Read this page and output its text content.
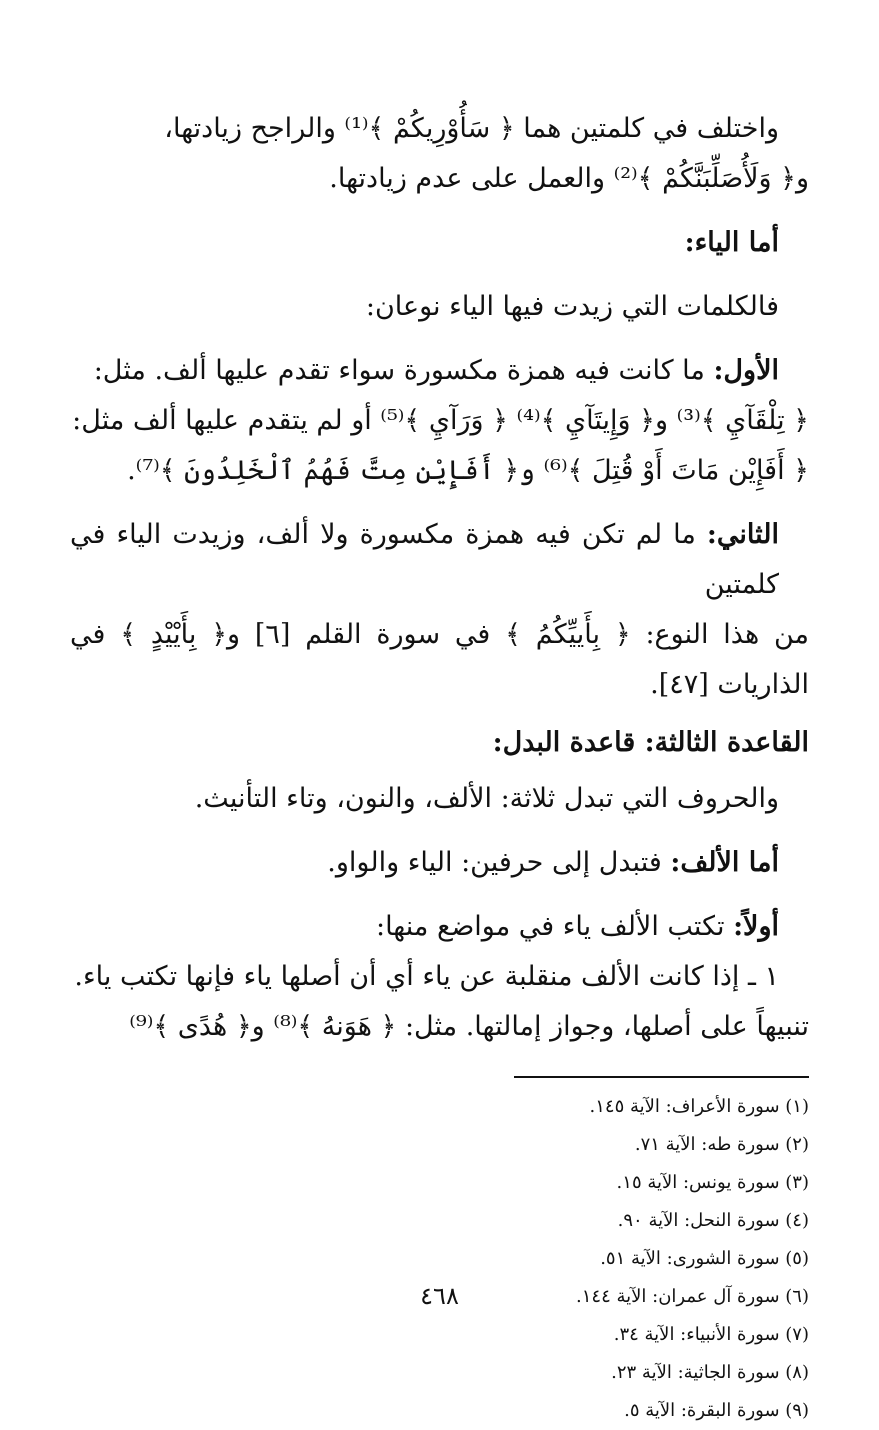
واختلف في كلمتين هما ﴿ سَأُوْرِيكُمْ ﴾⁽¹⁾ والراجح زيادتها،

و﴿ وَلَأُصَلِّبَنَّكُمْ ﴾⁽²⁾ والعمل على عدم زيادتها.

أما الياء:

فالكلمات التي زيدت فيها الياء نوعان:

الأول: ما كانت فيه همزة مكسورة سواء تقدم عليها ألف. مثل:

﴿ تِلْقَآيِ ﴾⁽³⁾ و﴿ وَإِيتَآيِ ﴾⁽⁴⁾ ﴿ وَرَآيِ ﴾⁽⁵⁾ أو لم يتقدم عليها ألف مثل:

﴿ أَفَإِيْن مَاتَ أَوْ قُتِلَ ﴾⁽⁶⁾ و﴿ أَفَإِيْن مِتَّ فَهُمُ ٱلْخَلِدُونَ ﴾⁽⁷⁾.

الثاني: ما لم تكن فيه همزة مكسورة ولا ألف، وزيدت الياء في كلمتين

من هذا النوع: ﴿ بِأَييِّكُمُ ﴾ في سورة القلم [٦] و﴿ بِأَيْيْدٍ ﴾ في الذاريات [٤٧].

القاعدة الثالثة: قاعدة البدل:

والحروف التي تبدل ثلاثة: الألف، والنون، وتاء التأنيث.

أما الألف: فتبدل إلى حرفين: الياء والواو.

أولاً: تكتب الألف ياء في مواضع منها:

١ ـ إذا كانت الألف منقلبة عن ياء أي أن أصلها ياء فإنها تكتب ياء.

تنبيهاً على أصلها، وجواز إمالتها. مثل: ﴿ هَوَنهُ ﴾⁽⁸⁾ و﴿ هُدًى ﴾⁽⁹⁾

(١) سورة الأعراف: الآية ١٤٥.

(٢) سورة طه: الآية ٧١.

(٣) سورة يونس: الآية ١٥.

(٤) سورة النحل: الآية ٩٠.

(٥) سورة الشورى: الآية ٥١.

(٦) سورة آل عمران: الآية ١٤٤.

(٧) سورة الأنبياء: الآية ٣٤.

(٨) سورة الجاثية: الآية ٢٣.

(٩) سورة البقرة: الآية ٥.

٤٦٨
